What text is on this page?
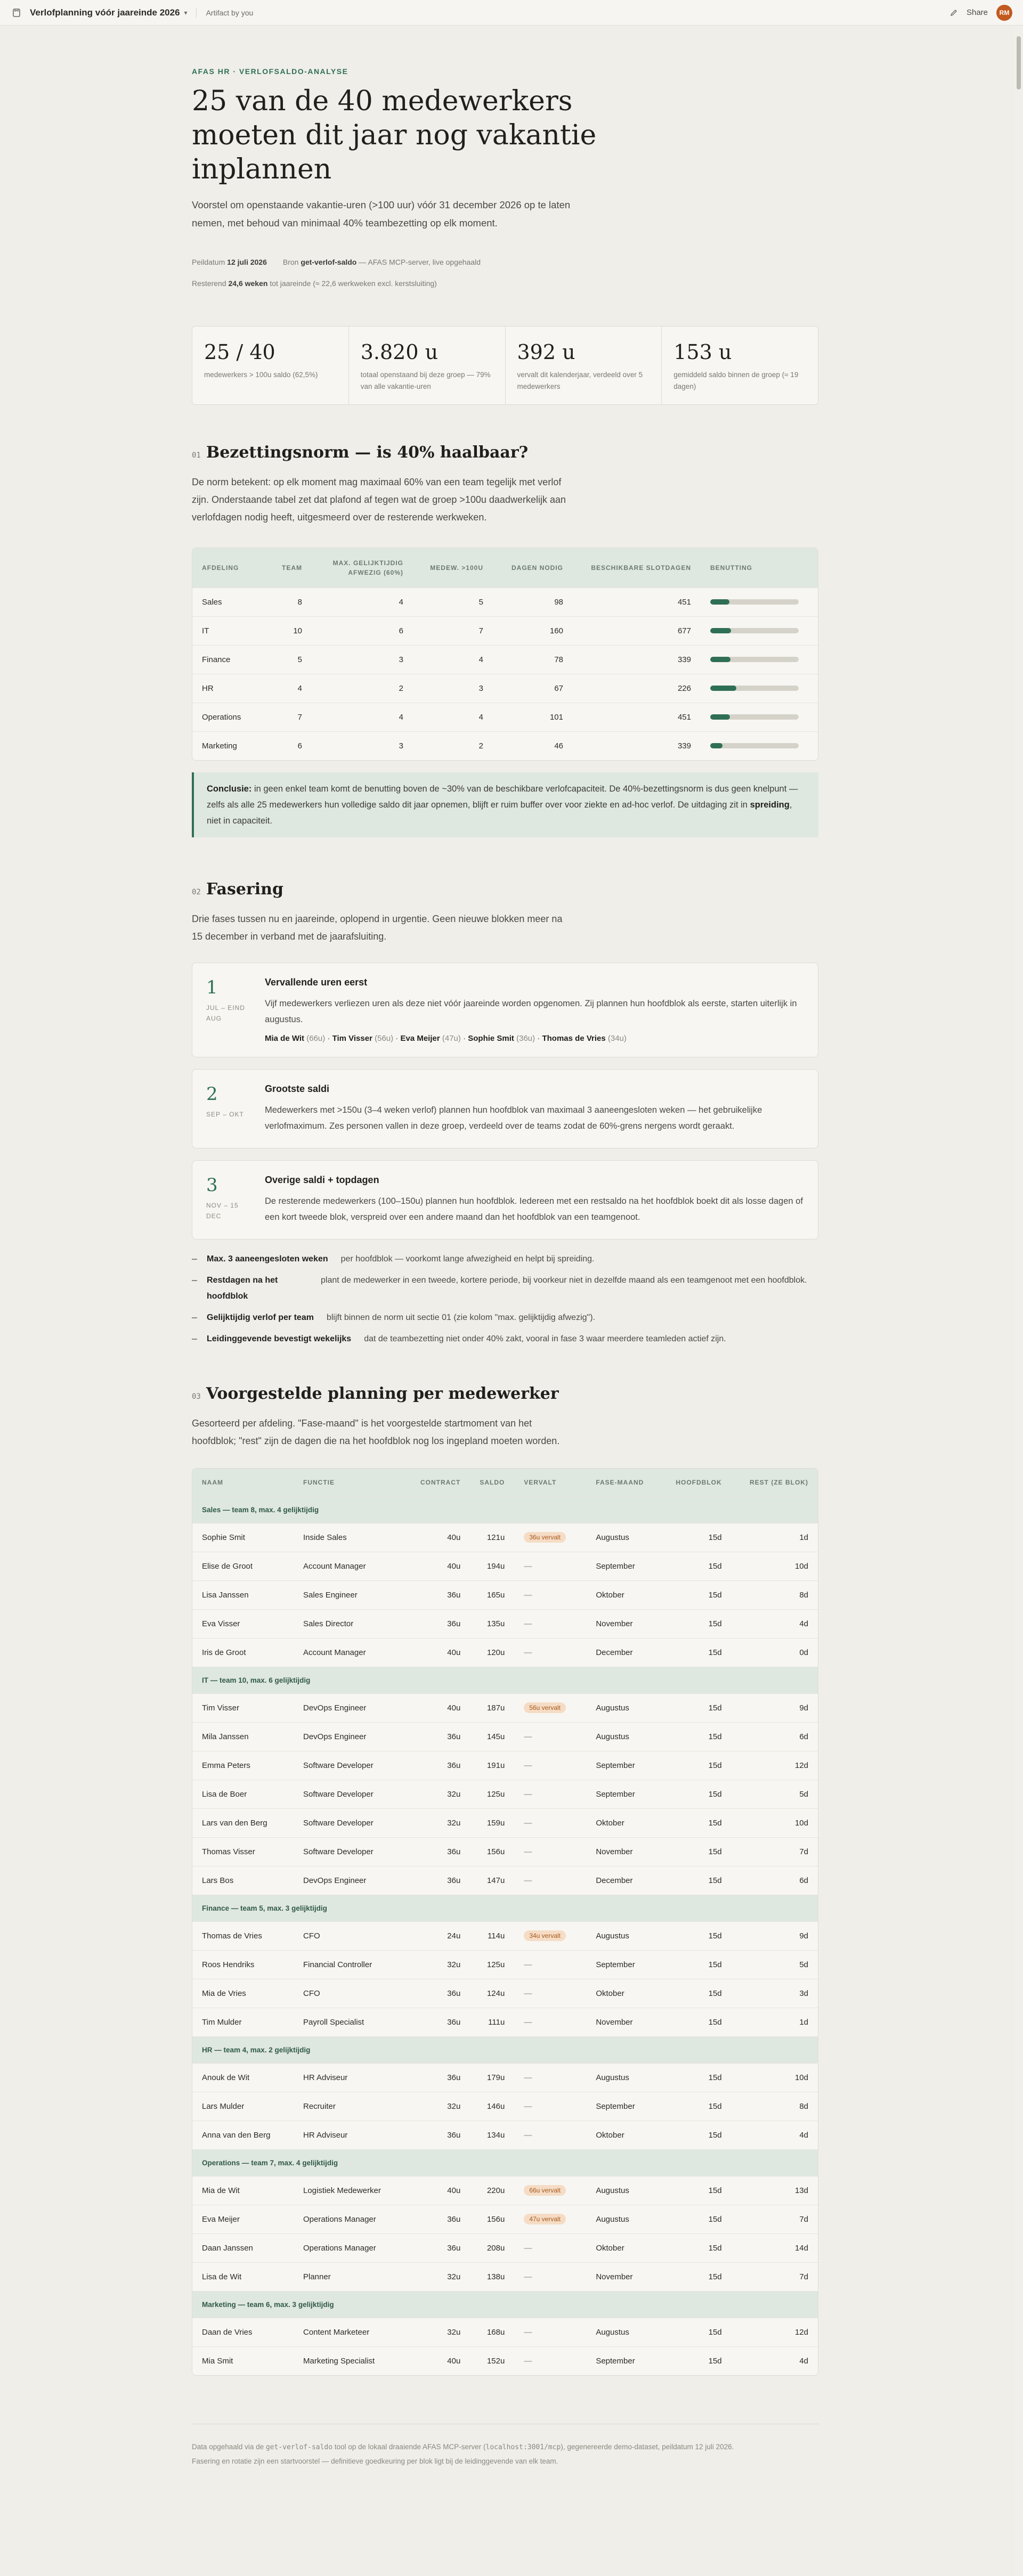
Verlofplanning vóór jaareinde 2026 ▾	Artifact by you	Share	RM
AFAS HR · VERLOFSALDO-ANALYSE
25 van de 40 medewerkers moeten dit jaar nog vakantie inplannen

Voorstel om openstaande vakantie-uren (>100 uur) vóór 31 december 2026 op te laten nemen, met behoud van minimaal 40% teambezetting op elk moment.

Peildatum
12 juli 2026 Bron
get-verlof-saldo
— AFAS MCP-server, live opgehaald
Resterend
24,6 weken
tot jaareinde (≈ 22,6 werkweken excl. kerstsluiting)
25 / 40
medewerkers > 100u saldo (62,5%)
3.820 u
totaal openstaand bij deze groep — 79% van alle vakantie-uren
392 u
vervalt dit kalenderjaar, verdeeld over 5 medewerkers
153 u
gemiddeld saldo binnen de groep (≈ 19 dagen)
01 Bezettingsnorm — is 40% haalbaar?

De norm betekent: op elk moment mag maximaal 60% van een team tegelijk met verlof zijn. Onderstaande tabel zet dat plafond af tegen wat de groep >100u daadwerkelijk aan verlofdagen nodig heeft, uitgesmeerd over de resterende werkweken.

AFDELING	TEAM	MAX. GELIJKTIJDIG AFWEZIG (60%)	MEDEW. >100U	DAGEN NODIG	BESCHIKBARE SLOTDAGEN	BENUTTING
Sales	8	4	5	98	451	

IT	10	6	7	160	677	

Finance	5	3	4	78	339	

HR	4	2	3	67	226	

Operations	7	4	4	101	451	

Marketing	6	3	2	46	339	
Conclusie: in geen enkel team komt de benutting boven de ~30% van de beschikbare verlofcapaciteit. De 40%-bezettingsnorm is dus geen knelpunt — zelfs als alle 25 medewerkers hun volledige saldo dit jaar opnemen, blijft er ruim buffer over voor ziekte en ad-hoc verlof. De uitdaging zit in spreiding, niet in capaciteit.
02 Fasering

Drie fases tussen nu en jaareinde, oplopend in urgentie. Geen nieuwe blokken meer na 15 december in verband met de jaarafsluiting.

1
JUL – EIND
AUG
Vervallende uren eerst
Vijf medewerkers verliezen uren als deze niet vóór jaareinde worden opgenomen. Zij plannen hun hoofdblok als eerste, starten uiterlijk in augustus.
Mia de Wit (66u) · Tim Visser (56u) · Eva Meijer (47u) · Sophie Smit (36u) · Thomas de Vries (34u)
2
SEP – OKT

Grootste saldi
Medewerkers met >150u (3–4 weken verlof) plannen hun hoofdblok van maximaal 3 aaneengesloten weken — het gebruikelijke verlofmaximum. Zes personen vallen in deze groep, verdeeld over de teams zodat de 60%-grens nergens wordt geraakt.
3
NOV – 15
DEC
Overige saldi + topdagen
De resterende medewerkers (100–150u) plannen hun hoofdblok. Iedereen met een restsaldo na het hoofdblok boekt dit als losse dagen of een kort tweede blok, verspreid over een andere maand dan het hoofdblok van een teamgenoot.
Max. 3 aaneengesloten weken per hoofdblok — voorkomt lange afwezigheid en helpt bij spreiding.
Restdagen na het hoofdblok
plant de medewerker in een tweede, kortere periode, bij voorkeur niet in dezelfde maand als een teamgenoot met een hoofdblok.
Gelijktijdig verlof per team blijft binnen de norm uit sectie 01 (zie kolom "max. gelijktijdig afwezig").
Leidinggevende bevestigt wekelijks dat de teambezetting niet onder 40% zakt, vooral in fase 3 waar meerdere teamleden actief zijn.
03 Voorgestelde planning per medewerker

Gesorteerd per afdeling. "Fase-maand" is het voorgestelde startmoment van het hoofdblok; "rest" zijn de dagen die na het hoofdblok nog los ingepland moeten worden.

NAAM	FUNCTIE	CONTRACT	SALDO	VERVALT	FASE-MAAND	HOOFDBLOK	REST (ZE BLOK)
Sales — team 8, max. 4 gelijktijdig							
Sophie Smit	Inside Sales	40u	121u	36u vervalt	Augustus	15d	1d
Elise de Groot	Account Manager	40u	194u	—	September	15d	10d
Lisa Janssen	Sales Engineer	36u	165u	—	Oktober	15d	8d
Eva Visser	Sales Director	36u	135u	—	November	15d	4d
Iris de Groot	Account Manager	40u	120u	—	December	15d	0d
IT — team 10, max. 6 gelijktijdig							
Tim Visser	DevOps Engineer	40u	187u	56u vervalt	Augustus	15d	9d
Mila Janssen	DevOps Engineer	36u	145u	—	Augustus	15d	6d
Emma Peters	Software Developer	36u	191u	—	September	15d	12d
Lisa de Boer	Software Developer	32u	125u	—	September	15d	5d
Lars van den Berg	Software Developer	32u	159u	—	Oktober	15d	10d
Thomas Visser	Software Developer	36u	156u	—	November	15d	7d
Lars Bos	DevOps Engineer	36u	147u	—	December	15d	6d
Finance — team 5, max. 3 gelijktijdig							
Thomas de Vries	CFO	24u	114u	34u vervalt	Augustus	15d	9d
Roos Hendriks	Financial Controller	32u	125u	—	September	15d	5d
Mia de Vries	CFO	36u	124u	—	Oktober	15d	3d
Tim Mulder	Payroll Specialist	36u	111u	—	November	15d	1d
HR — team 4, max. 2 gelijktijdig							
Anouk de Wit	HR Adviseur	36u	179u	—	Augustus	15d	10d
Lars Mulder	Recruiter	32u	146u	—	September	15d	8d
Anna van den Berg	HR Adviseur	36u	134u	—	Oktober	15d	4d
Operations — team 7, max. 4 gelijktijdig							
Mia de Wit	Logistiek Medewerker	40u	220u	66u vervalt	Augustus	15d	13d
Eva Meijer	Operations Manager	36u	156u	47u vervalt	Augustus	15d	7d
Daan Janssen	Operations Manager	36u	208u	—	Oktober	15d	14d
Lisa de Wit	Planner	32u	138u	—	November	15d	7d
Marketing — team 6, max. 3 gelijktijdig							
Daan de Vries	Content Marketeer	32u	168u	—	Augustus	15d	12d
Mia Smit	Marketing Specialist	40u	152u	—	September	15d	4d
Data opgehaald via de get-verlof-saldo tool op de lokaal draaiende AFAS MCP-server (localhost:3001/mcp), gegenereerde demo-dataset, peildatum 12 juli 2026.
Fasering en rotatie zijn een startvoorstel — definitieve goedkeuring per blok ligt bij de leidinggevende van elk team.
